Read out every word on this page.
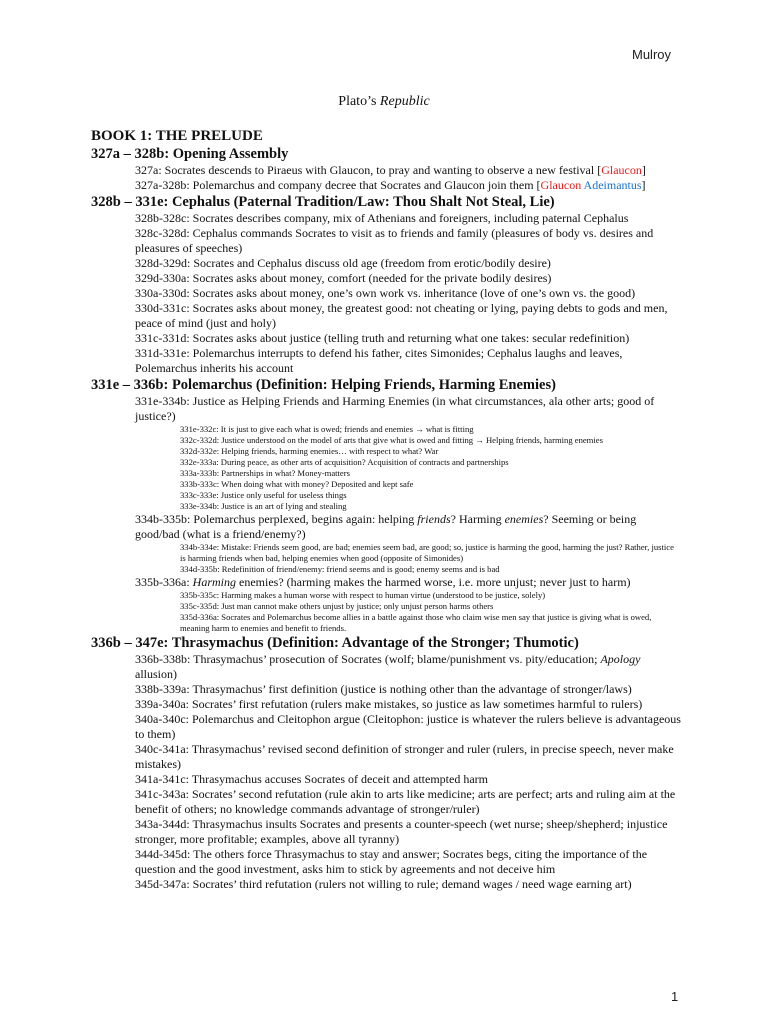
Mulroy
Plato’s Republic
BOOK 1: THE PRELUDE
327a – 328b: Opening Assembly
327a: Socrates descends to Piraeus with Glaucon, to pray and wanting to observe a new festival [Glaucon]
327a-328b: Polemarchus and company decree that Socrates and Glaucon join them [Glaucon Adeimantus]
328b – 331e: Cephalus (Paternal Tradition/Law: Thou Shalt Not Steal, Lie)
328b-328c: Socrates describes company, mix of Athenians and foreigners, including paternal Cephalus
328c-328d: Cephalus commands Socrates to visit as to friends and family (pleasures of body vs. desires and pleasures of speeches)
328d-329d: Socrates and Cephalus discuss old age (freedom from erotic/bodily desire)
329d-330a: Socrates asks about money, comfort (needed for the private bodily desires)
330a-330d: Socrates asks about money, one’s own work vs. inheritance (love of one’s own vs. the good)
330d-331c: Socrates asks about money, the greatest good: not cheating or lying, paying debts to gods and men, peace of mind (just and holy)
331c-331d: Socrates asks about justice (telling truth and returning what one takes: secular redefinition)
331d-331e: Polemarchus interrupts to defend his father, cites Simonides; Cephalus laughs and leaves, Polemarchus inherits his account
331e – 336b: Polemarchus (Definition: Helping Friends, Harming Enemies)
331e-334b: Justice as Helping Friends and Harming Enemies (in what circumstances, ala other arts; good of justice?)
331e-332c: It is just to give each what is owed; friends and enemies → what is fitting
332c-332d: Justice understood on the model of arts that give what is owed and fitting → Helping friends, harming enemies
332d-332e: Helping friends, harming enemies… with respect to what? War
332e-333a: During peace, as other arts of acquisition? Acquisition of contracts and partnerships
333a-333b: Partnerships in what? Money-matters
333b-333c: When doing what with money? Deposited and kept safe
333c-333e: Justice only useful for useless things
333e-334b: Justice is an art of lying and stealing
334b-335b: Polemarchus perplexed, begins again: helping friends? Harming enemies? Seeming or being good/bad (what is a friend/enemy?)
334b-334e: Mistake: Friends seem good, are bad; enemies seem bad, are good; so, justice is harming the good, harming the just? Rather, justice is harming friends when bad, helping enemies when good (opposite of Simonides)
334d-335b: Redefinition of friend/enemy: friend seems and is good; enemy seems and is bad
335b-336a: Harming enemies? (harming makes the harmed worse, i.e. more unjust; never just to harm)
335b-335c: Harming makes a human worse with respect to human virtue (understood to be justice, solely)
335c-335d: Just man cannot make others unjust by justice; only unjust person harms others
335d-336a: Socrates and Polemarchus become allies in a battle against those who claim wise men say that justice is giving what is owed, meaning harm to enemies and benefit to friends.
336b – 347e: Thrasymachus (Definition: Advantage of the Stronger; Thumotic)
336b-338b: Thrasymachus’ prosecution of Socrates (wolf; blame/punishment vs. pity/education; Apology allusion)
338b-339a: Thrasymachus’ first definition (justice is nothing other than the advantage of stronger/laws)
339a-340a: Socrates’ first refutation (rulers make mistakes, so justice as law sometimes harmful to rulers)
340a-340c: Polemarchus and Cleitophon argue (Cleitophon: justice is whatever the rulers believe is advantageous to them)
340c-341a: Thrasymachus’ revised second definition of stronger and ruler (rulers, in precise speech, never make mistakes)
341a-341c: Thrasymachus accuses Socrates of deceit and attempted harm
341c-343a: Socrates’ second refutation (rule akin to arts like medicine; arts are perfect; arts and ruling aim at the benefit of others; no knowledge commands advantage of stronger/ruler)
343a-344d: Thrasymachus insults Socrates and presents a counter-speech (wet nurse; sheep/shepherd; injustice stronger, more profitable; examples, above all tyranny)
344d-345d: The others force Thrasymachus to stay and answer; Socrates begs, citing the importance of the question and the good investment, asks him to stick by agreements and not deceive him
345d-347a: Socrates’ third refutation (rulers not willing to rule; demand wages / need wage earning art)
1
